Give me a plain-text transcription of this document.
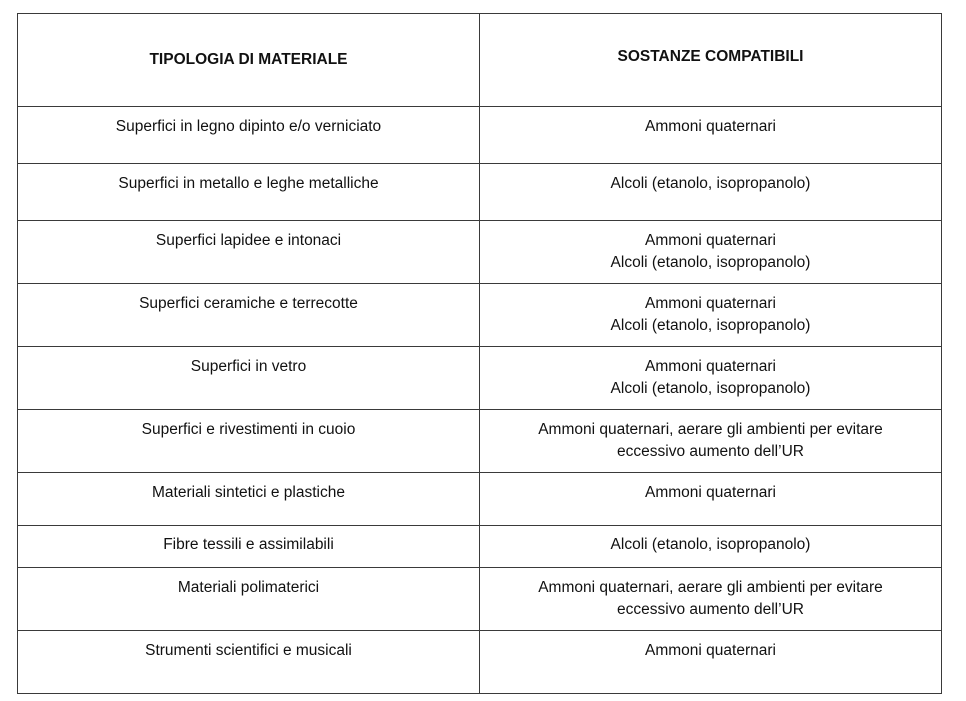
TIPOLOGIA DI MATERIALE	SOSTANZE COMPATIBILI

Superfici in legno dipinto e/o verniciato	Ammoni quaternari

Superfici in metallo e leghe metalliche	Alcoli (etanolo, isopropanolo)

Superfici lapidee e intonaci	Ammoni quaternari
Alcoli (etanolo, isopropanolo)

Superfici ceramiche e terrecotte	Ammoni quaternari
Alcoli (etanolo, isopropanolo)

Superfici in vetro	Ammoni quaternari
Alcoli (etanolo, isopropanolo)

Superfici e rivestimenti in cuoio	Ammoni quaternari, aerare gli ambienti per evitare
eccessivo aumento dell’UR

Materiali sintetici e plastiche	Ammoni quaternari

Fibre tessili e assimilabili	Alcoli (etanolo, isopropanolo)

Materiali polimaterici	Ammoni quaternari, aerare gli ambienti per evitare
eccessivo aumento dell’UR

Strumenti scientifici e musicali	Ammoni quaternari
